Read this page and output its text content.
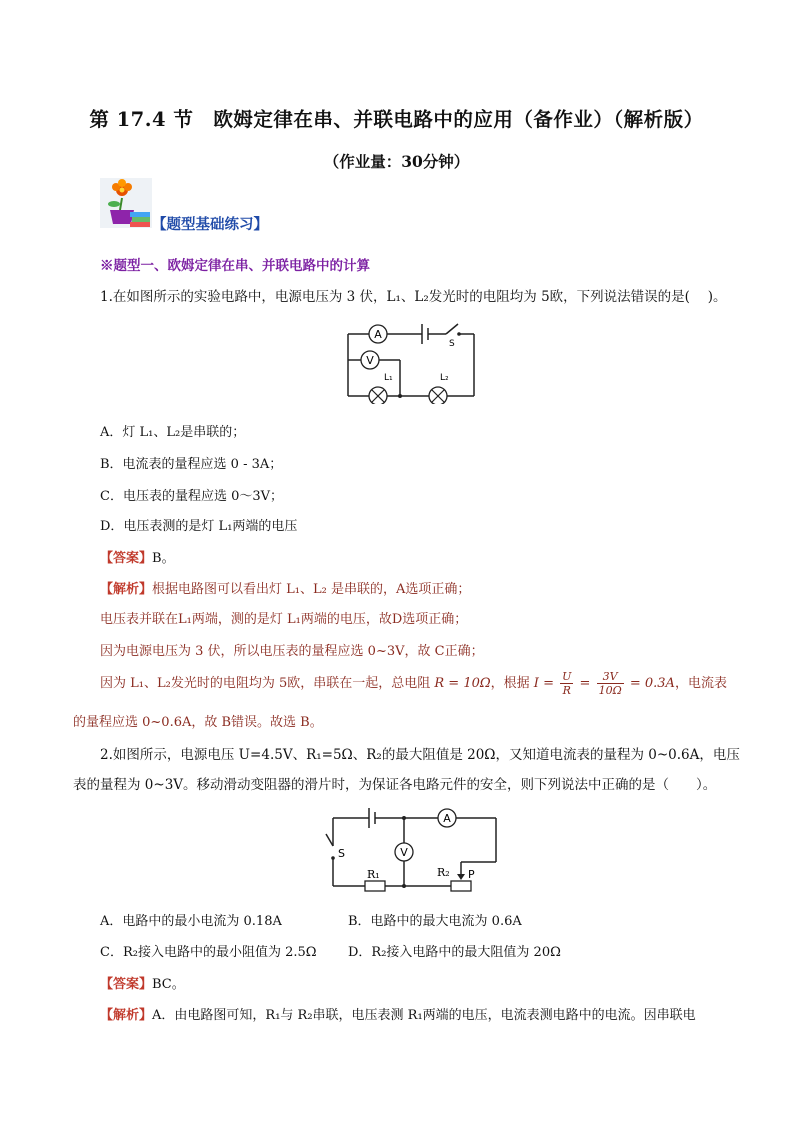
第 17.4 节　欧姆定律在串、并联电路中的应用（备作业）（解析版）
（作业量：30分钟）
【题型基础练习】
※题型一、欧姆定律在串、并联电路中的计算
1.在如图所示的实验电路中，电源电压为 3 伏，L₁、L₂发光时的电阻均为 5欧，下列说法错误的是(　 )。
A
V
S
L₁	L₂
A．灯 L₁、L₂是串联的；
B．电流表的量程应选 0 - 3A；
C．电压表的量程应选 0～3V；
D．电压表测的是灯 L₁两端的电压
【答案】B。
【解析】根据电路图可以看出灯 L₁、L₂ 是串联的，A选项正确；
电压表并联在L₁两端，测的是灯 L₁两端的电压，故D选项正确；
因为电源电压为 3 伏，所以电压表的量程应选 0~3V，故 C正确；
因为 L₁、L₂发光时的电阻均为 5欧，串联在一起，总电阻 R = 10Ω，根据 $I = \frac{U}{R} = \frac{3V}{10\Omega} = 0.3A$，电流表
的量程应选 0~0.6A，故 B错误。故选 B。
2.如图所示，电源电压 U=4.5V、R₁=5Ω、R₂的最大阻值是 20Ω，又知道电流表的量程为 0~0.6A，电压
表的量程为 0~3V。移动滑动变阻器的滑片时，为保证各电路元件的安全，则下列说法中正确的是（　　）。
A
V
S
R₁	R₂ P
A．电路中的最小电流为 0.18A	B．电路中的最大电流为 0.6A
C．R₂接入电路中的最小阻值为 2.5Ω D．R₂接入电路中的最大阻值为 20Ω
【答案】BC。
【解析】A．由电路图可知，R₁与 R₂串联，电压表测 R₁两端的电压，电流表测电路中的电流。因串联电
